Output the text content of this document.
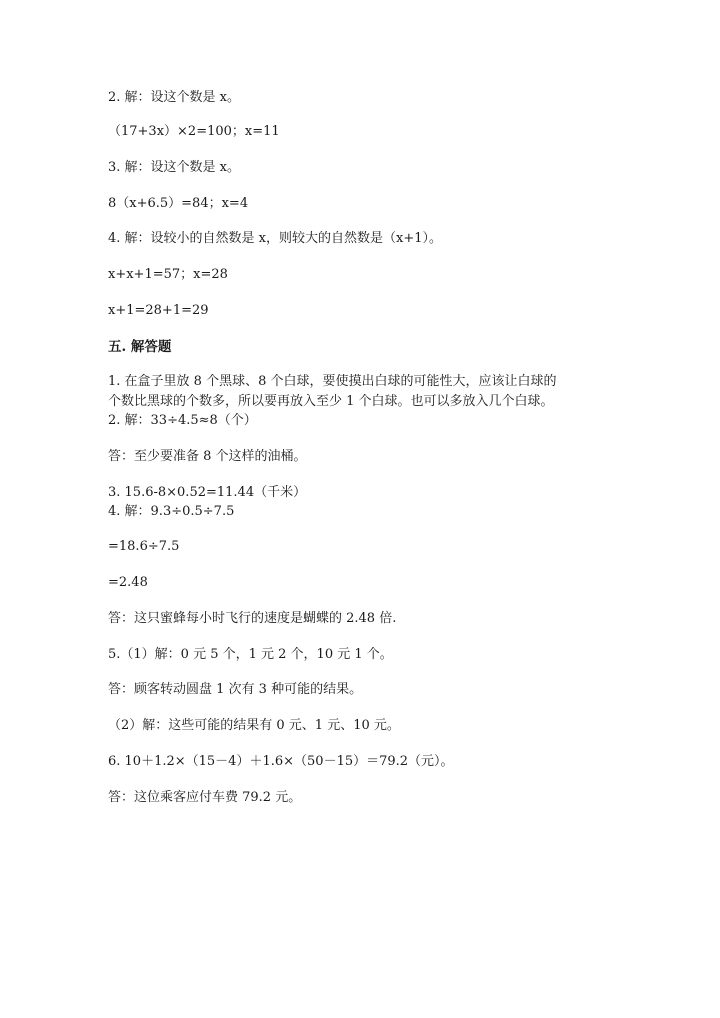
2. 解：设这个数是 x。
（17+3x）×2=100；x=11
3. 解：设这个数是 x。
8（x+6.5）=84；x=4
4. 解：设较小的自然数是 x，则较大的自然数是（x+1）。
x+x+1=57；x=28
x+1=28+1=29
五. 解答题
1. 在盒子里放 8 个黑球、8 个白球，要使摸出白球的可能性大，应该让白球的
个数比黑球的个数多，所以要再放入至少 1 个白球。也可以多放入几个白球。
2. 解：33÷4.5≈8（个）
答：至少要准备 8 个这样的油桶。
3. 15.6-8×0.52=11.44（千米）
4. 解：9.3÷0.5÷7.5
=18.6÷7.5
=2.48
答：这只蜜蜂每小时飞行的速度是蝴蝶的 2.48 倍.
5.（1）解：0 元 5 个，1 元 2 个，10 元 1 个。
答：顾客转动圆盘 1 次有 3 种可能的结果。
（2）解：这些可能的结果有 0 元、1 元、10 元。
6. 10＋1.2×（15－4）＋1.6×（50－15）＝79.2（元）。
答：这位乘客应付车费 79.2 元。
